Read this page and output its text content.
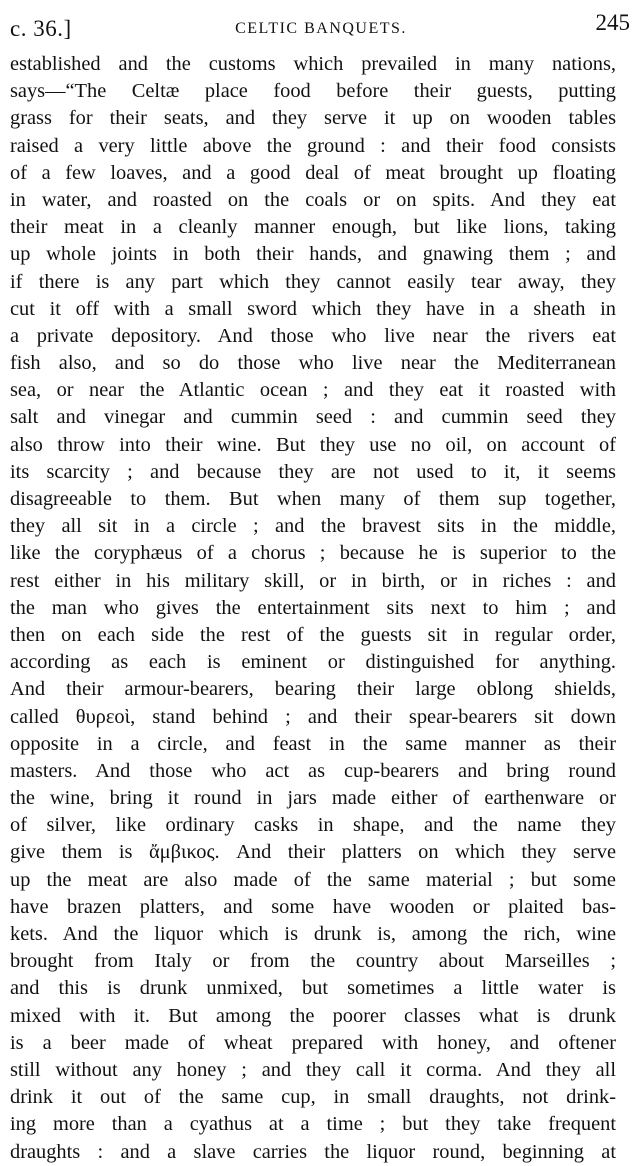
c. 36.]	CELTIC BANQUETS.	245
established and the customs which prevailed in many nations,
says—“The Celtæ place food before their guests, putting
grass for their seats, and they serve it up on wooden tables
raised a very little above the ground : and their food consists
of a few loaves, and a good deal of meat brought up floating
in water, and roasted on the coals or on spits. And they eat
their meat in a cleanly manner enough, but like lions, taking
up whole joints in both their hands, and gnawing them ; and
if there is any part which they cannot easily tear away, they
cut it off with a small sword which they have in a sheath in
a private depository. And those who live near the rivers eat
fish also, and so do those who live near the Mediterranean
sea, or near the Atlantic ocean ; and they eat it roasted with
salt and vinegar and cummin seed : and cummin seed they
also throw into their wine. But they use no oil, on account of
its scarcity ; and because they are not used to it, it seems
disagreeable to them. But when many of them sup together,
they all sit in a circle ; and the bravest sits in the middle,
like the coryphæus of a chorus ; because he is superior to the
rest either in his military skill, or in birth, or in riches : and
the man who gives the entertainment sits next to him ; and
then on each side the rest of the guests sit in regular order,
according as each is eminent or distinguished for anything.
And their armour-bearers, bearing their large oblong shields,
called θυρεοὶ, stand behind ; and their spear-bearers sit down
opposite in a circle, and feast in the same manner as their
masters. And those who act as cup-bearers and bring round
the wine, bring it round in jars made either of earthenware or
of silver, like ordinary casks in shape, and the name they
give them is ἄμβικος. And their platters on which they serve
up the meat are also made of the same material ; but some
have brazen platters, and some have wooden or plaited bas-
kets. And the liquor which is drunk is, among the rich, wine
brought from Italy or from the country about Marseilles ;
and this is drunk unmixed, but sometimes a little water is
mixed with it. But among the poorer classes what is drunk
is a beer made of wheat prepared with honey, and oftener
still without any honey ; and they call it corma. And they all
drink it out of the same cup, in small draughts, not drink-
ing more than a cyathus at a time ; but they take frequent
draughts : and a slave carries the liquor round, beginning at
